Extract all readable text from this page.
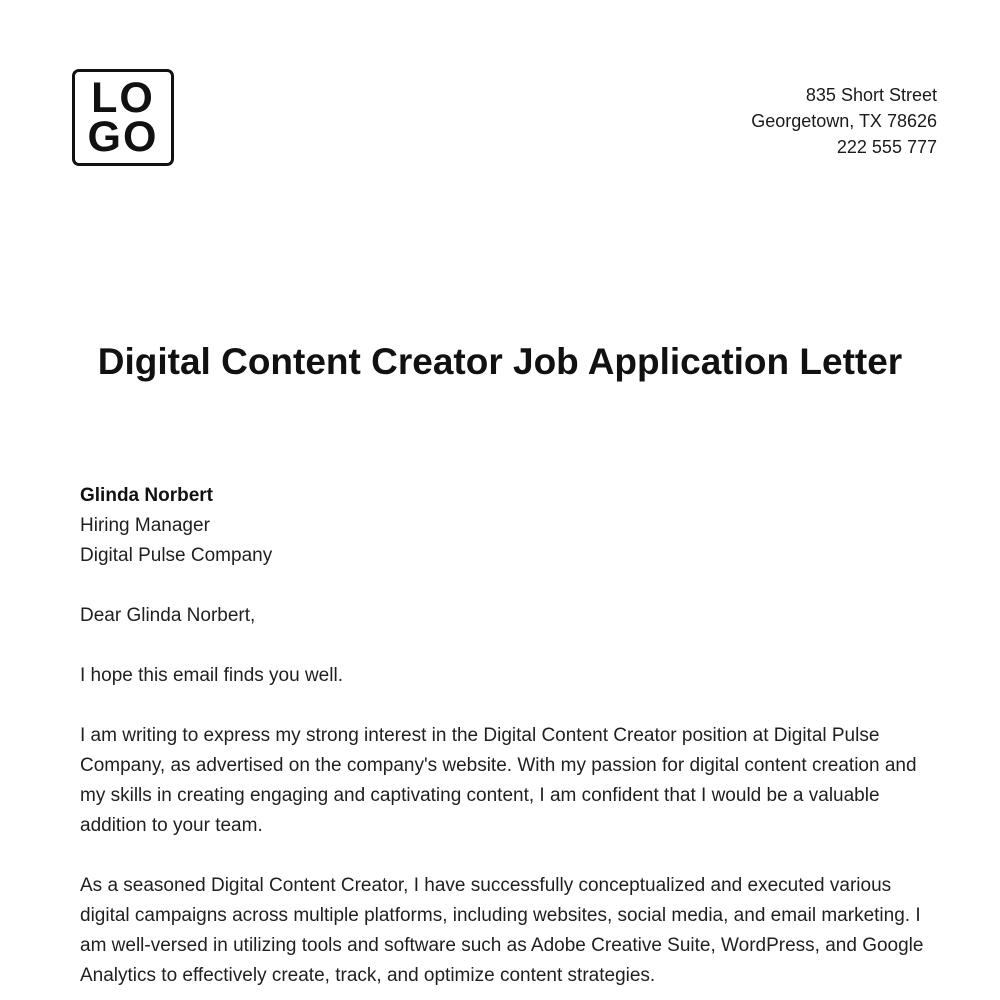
LO
GO
835 Short Street
Georgetown, TX 78626
222 555 777
Digital Content Creator Job Application Letter

Glinda Norbert
Hiring Manager
Digital Pulse Company

Dear Glinda Norbert,

I hope this email finds you well.

I am writing to express my strong interest in the Digital Content Creator position at Digital Pulse Company, as advertised on the company's website. With my passion for digital content creation and my skills in creating engaging and captivating content, I am confident that I would be a valuable addition to your team.

As a seasoned Digital Content Creator, I have successfully conceptualized and executed various digital campaigns across multiple platforms, including websites, social media, and email marketing. I am well-versed in utilizing tools and software such as Adobe Creative Suite, WordPress, and Google Analytics to effectively create, track, and optimize content strategies.
